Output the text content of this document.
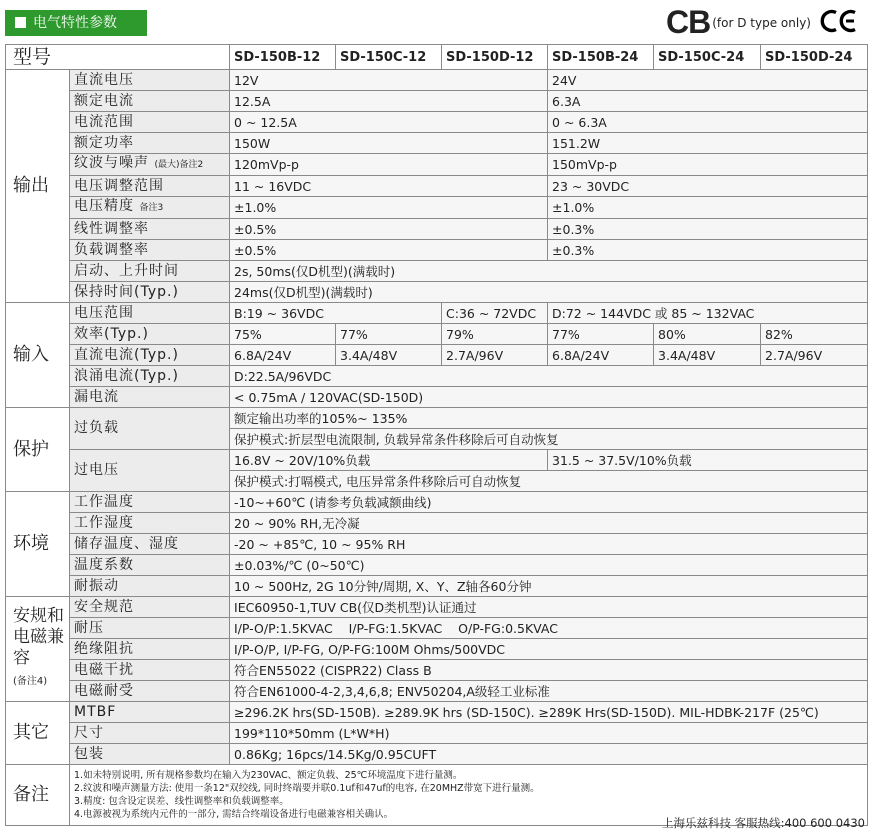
电气特性参数	CB (for D type only)
型号		SD-150B-12	SD-150C-12	SD-150D-12	SD-150B-24	SD-150C-24	SD-150D-24
输出	直流电压	12V			24V		
	额定电流	12.5A			6.3A		
	电流范围	0 ~ 12.5A			0 ~ 6.3A		
	额定功率	150W			151.2W		
	纹波与噪声 (最大)备注2	120mVp-p			150mVp-p		
	电压调整范围	11 ~ 16VDC			23 ~ 30VDC		
	电压精度 备注3	±1.0%			±1.0%		
	线性调整率	±0.5%			±0.3%		
	负载调整率	±0.5%			±0.3%		
	启动、上升时间	2s, 50ms(仅D机型)(满载时)					
	保持时间(Typ.)	24ms(仅D机型)(满载时)					
输入	电压范围	B:19 ~ 36VDC		C:36 ~ 72VDC	D:72 ~ 144VDC 或 85 ~ 132VAC		
	效率(Typ.)	75%	77%	79%	77%	80%	82%
	直流电流(Typ.)	6.8A/24V	3.4A/48V	2.7A/96V	6.8A/24V	3.4A/48V	2.7A/96V
	浪涌电流(Typ.)	D:22.5A/96VDC					
	漏电流	< 0.75mA / 120VAC(SD-150D)					
保护	过负载	额定输出功率的105%~ 135%					
		保护模式:折层型电流限制, 负载异常条件移除后可自动恢复					
	过电压	16.8V ~ 20V/10%负载			31.5 ~ 37.5V/10%负载		
		保护模式:打嗝模式, 电压异常条件移除后可自动恢复					
环境	工作温度	-10~+60℃ (请参考负载减额曲线)					
	工作湿度	20 ~ 90% RH,无冷凝					
	储存温度、湿度	-20 ~ +85℃, 10 ~ 95% RH					
	温度系数	±0.03%/℃ (0~50℃)					
	耐振动	10 ~ 500Hz, 2G 10分钟/周期, X、Y、Z轴各60分钟					
安规和电磁兼容
(备注4)	安全规范	IEC60950-1,TUV CB(仅D类机型)认证通过					
	耐压	I/P-O/P:1.5KVAC    I/P-FG:1.5KVAC    O/P-FG:0.5KVAC					
	绝缘阻抗	I/P-O/P, I/P-FG, O/P-FG:100M Ohms/500VDC					
	电磁干扰	符合EN55022 (CISPR22) Class B					
	电磁耐受	符合EN61000-4-2,3,4,6,8; ENV50204,A级轻工业标准					
其它	MTBF	≥296.2K hrs(SD-150B). ≥289.9K hrs (SD-150C). ≥289K Hrs(SD-150D). MIL-HDBK-217F (25℃)					
	尺寸	199*110*50mm (L*W*H)					
	包装	0.86Kg; 16pcs/14.5Kg/0.95CUFT					
备注	1.如未特别说明, 所有规格参数均在输入为230VAC、额定负载、25℃环境温度下进行量测。
2.纹波和噪声测量方法: 使用一条12"双绞线, 同时终端要并联0.1uf和47uf的电容, 在20MHZ带宽下进行量测。
3.精度: 包含设定误差、线性调整率和负载调整率。
4.电源被视为系统内元件的一部分, 需结合终端设备进行电磁兼容相关确认。						
上海乐兹科技 客服热线:400 600 0430
